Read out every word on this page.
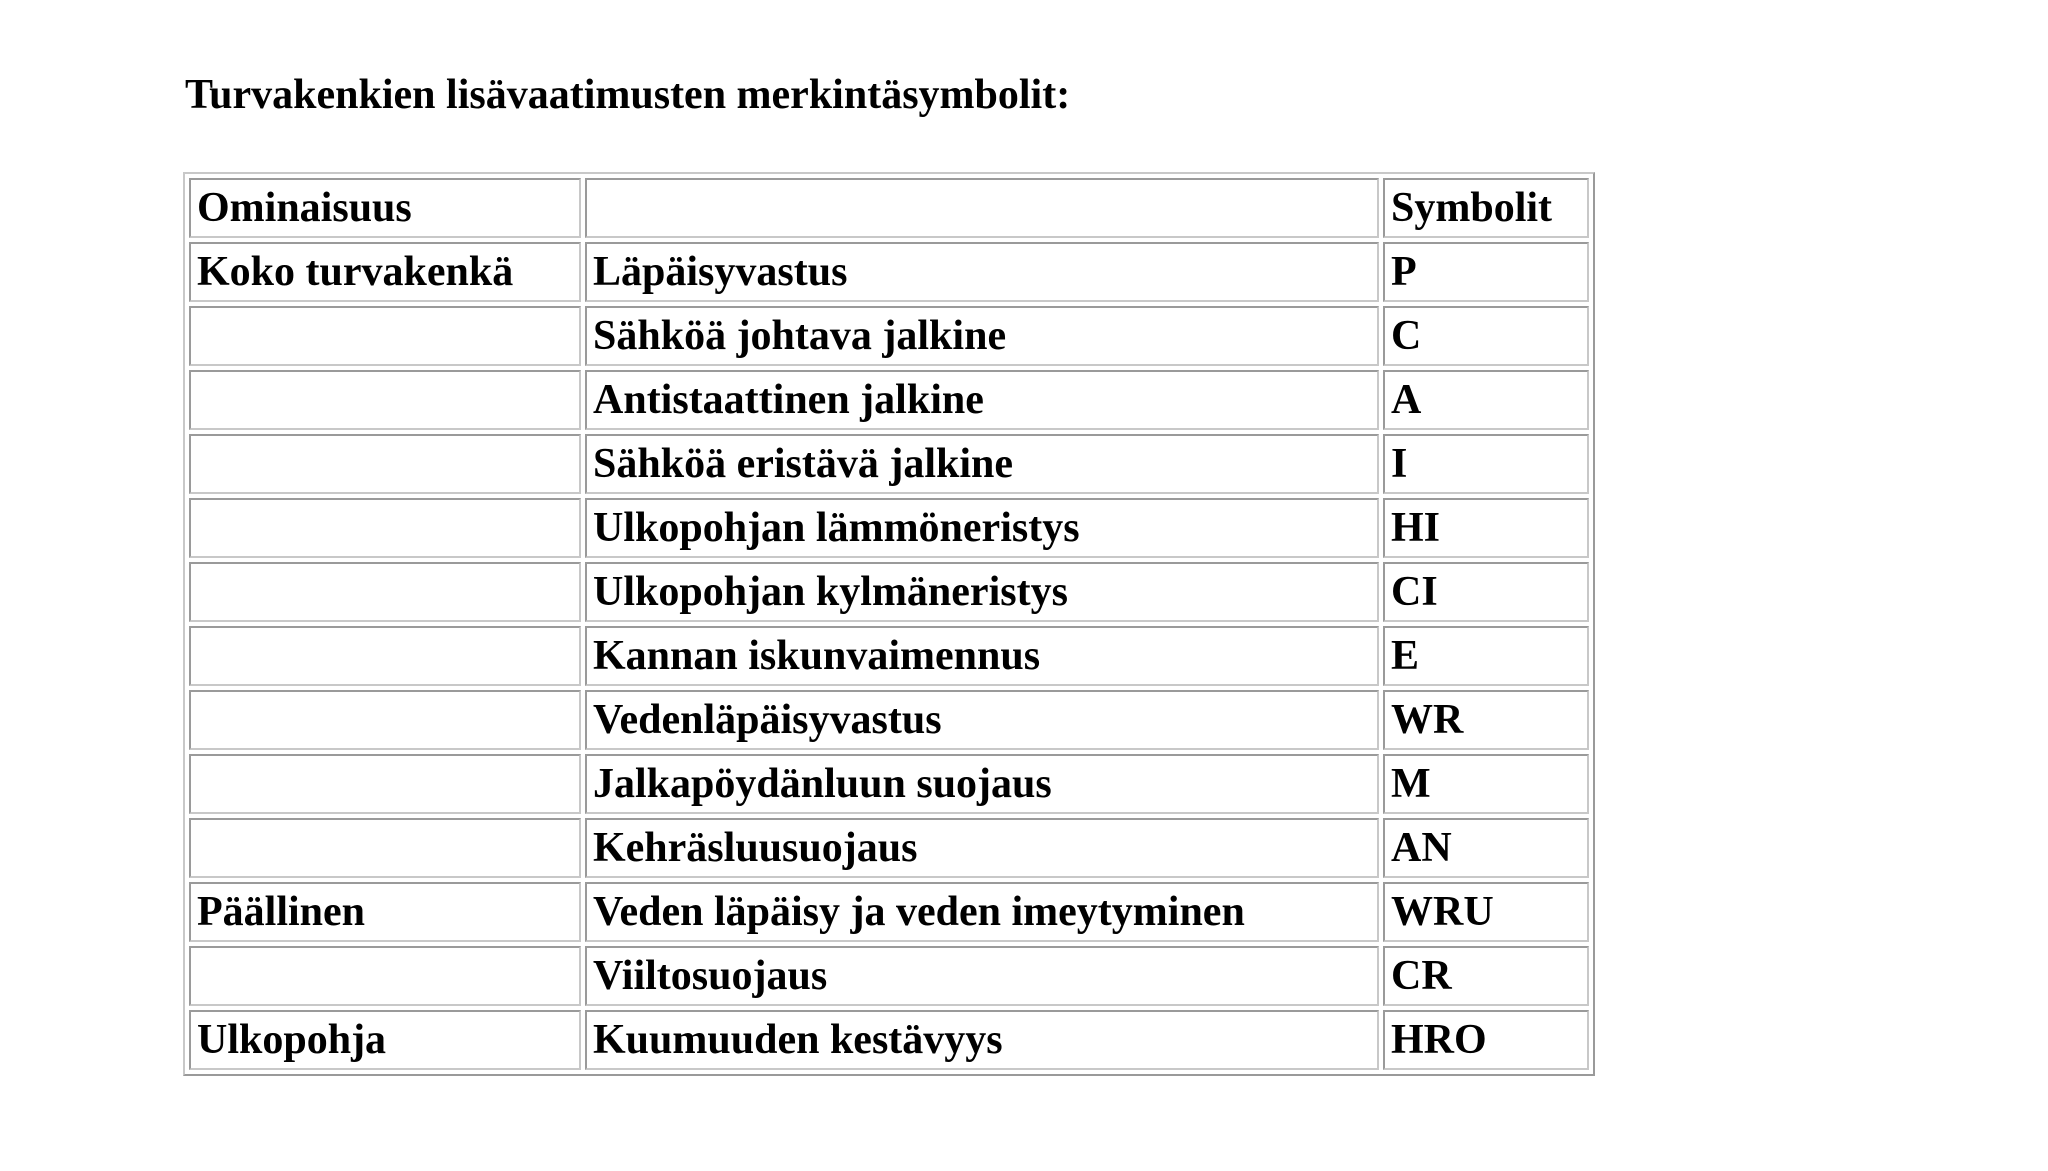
Turvakenkien lisävaatimusten merkintäsymbolit:
Ominaisuus		Symbolit
Koko turvakenkä	Läpäisyvastus	P
	Sähköä johtava jalkine	C
	Antistaattinen jalkine	A
	Sähköä eristävä jalkine	I
	Ulkopohjan lämmöneristys	HI
	Ulkopohjan kylmäneristys	CI
	Kannan iskunvaimennus	E
	Vedenläpäisyvastus	WR
	Jalkapöydänluun suojaus	M
	Kehräsluusuojaus	AN
Päällinen	Veden läpäisy ja veden imeytyminen	WRU
	Viiltosuojaus	CR
Ulkopohja	Kuumuuden kestävyys	HRO
